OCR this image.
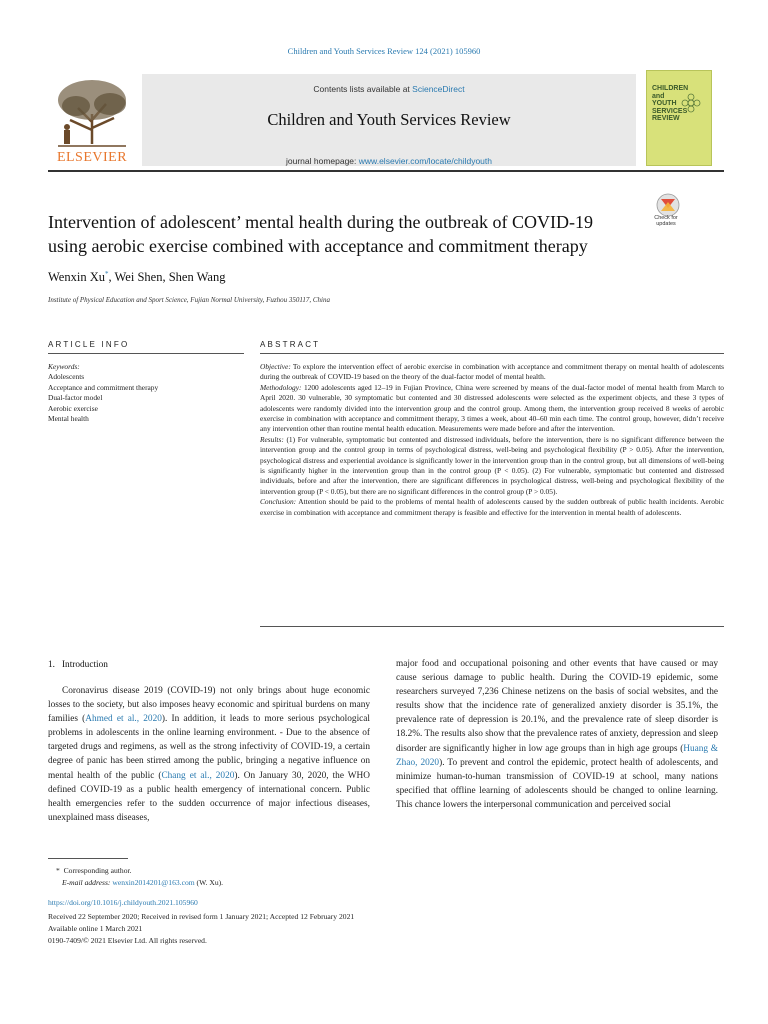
Children and Youth Services Review 124 (2021) 105960
ELSEVIER
Contents lists available at ScienceDirect
Children and Youth Services Review
journal homepage: www.elsevier.com/locate/childyouth
CHILDREN
and
YOUTH
SERVICES
REVIEW
Intervention of adolescent’ mental health during the outbreak of COVID-19
using aerobic exercise combined with acceptance and commitment therapy
Check for updates
Wenxin Xu*, Wei Shen, Shen Wang
Institute of Physical Education and Sport Science, Fujian Normal University, Fuzhou 350117, China
ARTICLE INFO	ABSTRACT
Keywords:
Adolescents
Acceptance and commitment therapy
Dual-factor model
Aerobic exercise
Mental health

Objective: To explore the intervention effect of aerobic exercise in combination with acceptance and commitment therapy on mental health of adolescents during the outbreak of COVID-19 based on the theory of the dual-factor model of mental health.

Methodology: 1200 adolescents aged 12–19 in Fujian Province, China were screened by means of the dual-factor model of mental health from March to April 2020. 30 vulnerable, 30 symptomatic but contented and 30 distressed adolescents were selected as the experiment objects, and these 3 types of adolescents were randomly divided into the intervention group and the control group. Among them, the intervention group received 8 weeks of aerobic exercise in combination with acceptance and commitment therapy, 3 times a week, about 40–60 min each time. The control group, however, didn’t receive any intervention other than routine mental health education. Measurements were made before and after the intervention.

Results: (1) For vulnerable, symptomatic but contented and distressed individuals, before the intervention, there is no significant difference between the intervention group and the control group in terms of psychological distress, well-being and psychological flexibility (P > 0.05). After the intervention, psychological distress and experiential avoidance is significantly lower in the intervention group than in the control group, but all dimensions of well-being is significantly higher in the intervention group than in the control group (P < 0.05). (2) For vulnerable, symptomatic but contented and distressed individuals, before and after the intervention, there are significant differences in psychological distress, well-being and psychological flexibility of the intervention group (P < 0.05), but there are no significant differences in the control group (P > 0.05).

Conclusion: Attention should be paid to the problems of mental health of adolescents caused by the sudden outbreak of public health incidents. Aerobic exercise in combination with acceptance and commitment therapy is feasible and effective for the intervention in mental health of adolescents.

1.   Introduction
Coronavirus disease 2019 (COVID-19) not only brings about huge economic losses to the society, but also imposes heavy economic and spiritual burdens on many families (Ahmed et al., 2020). In addition, it leads to more serious psychological problems in adolescents in the online learning environment. - Due to the absence of targeted drugs and regimens, as well as the strong infectivity of COVID-19, a certain degree of panic has been stirred among the public, bringing a negative influence on mental health of the public (Chang et al., 2020). On January 30, 2020, the WHO defined COVID-19 as a public health emergency of international concern. Public health emergencies refer to the sudden occurrence of major infectious diseases, unexplained mass diseases,
major food and occupational poisoning and other events that have caused or may cause serious damage to public health. During the COVID-19 epidemic, some researchers surveyed 7,236 Chinese netizens on the basis of social websites, and the results show that the incidence rate of generalized anxiety disorder is 35.1%, the prevalence rate of depression is 20.1%, and the prevalence rate of sleep disorder is 18.2%. The results also show that the prevalence rates of anxiety, depression and sleep disorder are significantly higher in low age groups than in high age groups (Huang & Zhao, 2020). To prevent and control the epidemic, protect health of adolescents, and minimize human-to-human transmission of COVID-19 at school, many nations specified that offline learning of adolescents should be changed to online learning. This chance lowers the interpersonal communication and perceived social
*  Corresponding author.
E-mail address: wenxin2014201@163.com (W. Xu).
https://doi.org/10.1016/j.childyouth.2021.105960
Received 22 September 2020; Received in revised form 1 January 2021; Accepted 12 February 2021
Available online 1 March 2021
0190-7409/© 2021 Elsevier Ltd. All rights reserved.
